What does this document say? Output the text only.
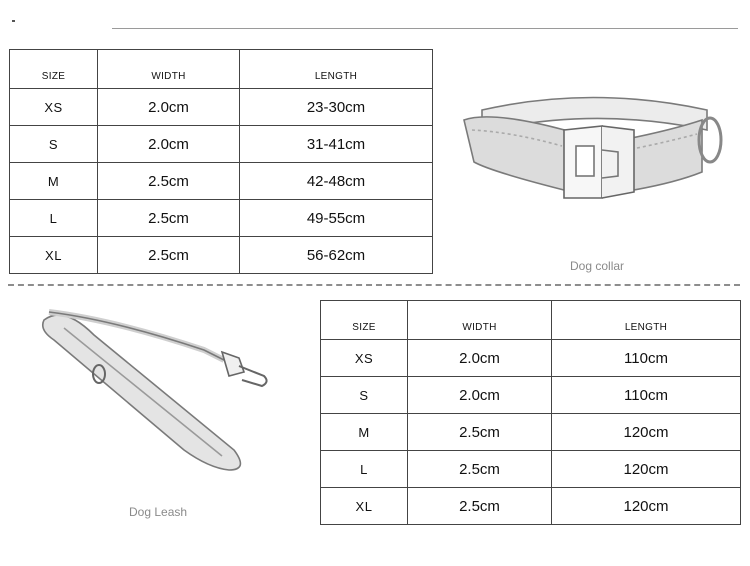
SIZE	WIDTH	LENGTH
XS	2.0cm	23-30cm
S	2.0cm	31-41cm
M	2.5cm	42-48cm
L	2.5cm	49-55cm
XL	2.5cm	56-62cm
Dog collar
Dog Leash
SIZE	WIDTH	LENGTH
XS	2.0cm	110cm
S	2.0cm	110cm
M	2.5cm	120cm
L	2.5cm	120cm
XL	2.5cm	120cm
